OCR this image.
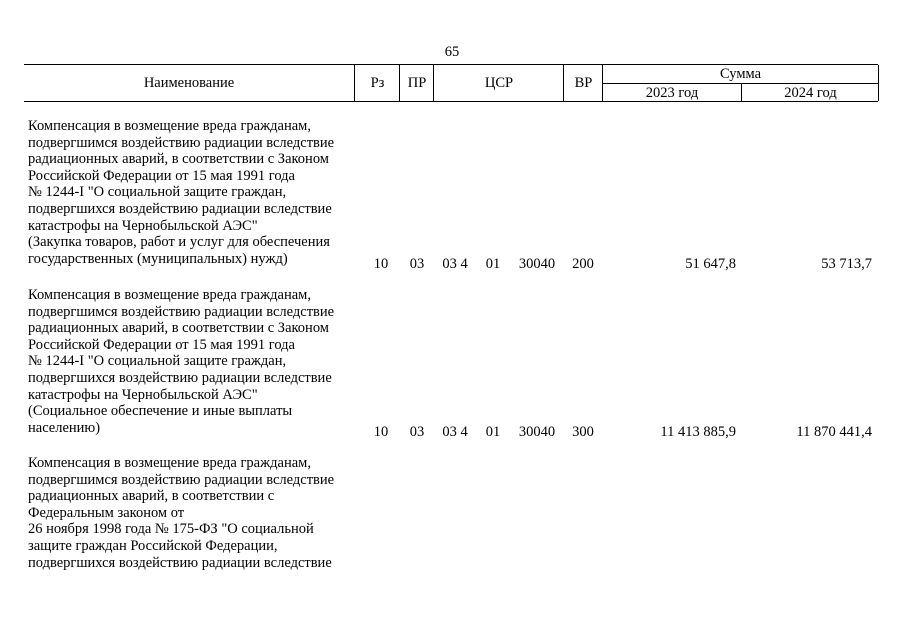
65
Наименование	Рз	ПР	ЦСР	ВР
Сумма
2023 год	2024 год
Компенсация в возмещение вреда гражданам,
подвергшимся воздействию радиации вследствие
радиационных аварий, в соответствии с Законом
Российской Федерации от 15 мая 1991 года
№ 1244-I "О социальной защите граждан,
подвергшихся воздействию радиации вследствие
катастрофы на Чернобыльской АЭС"
(Закупка товаров, работ и услуг для обеспечения
государственных (муниципальных) нужд)	10	03	03 4 01	30040	200	51 647,8	53 713,7
Компенсация в возмещение вреда гражданам,
подвергшимся воздействию радиации вследствие
радиационных аварий, в соответствии с Законом
Российской Федерации от 15 мая 1991 года
№ 1244-I "О социальной защите граждан,
подвергшихся воздействию радиации вследствие
катастрофы на Чернобыльской АЭС"
(Социальное обеспечение и иные выплаты
населению)	10	03	03 4 01	30040	300	11 413 885,9	11 870 441,4
Компенсация в возмещение вреда гражданам,
подвергшимся воздействию радиации вследствие
радиационных аварий, в соответствии с
Федеральным законом от
26 ноября 1998 года № 175-ФЗ "О социальной
защите граждан Российской Федерации,
подвергшихся воздействию радиации вследствие
